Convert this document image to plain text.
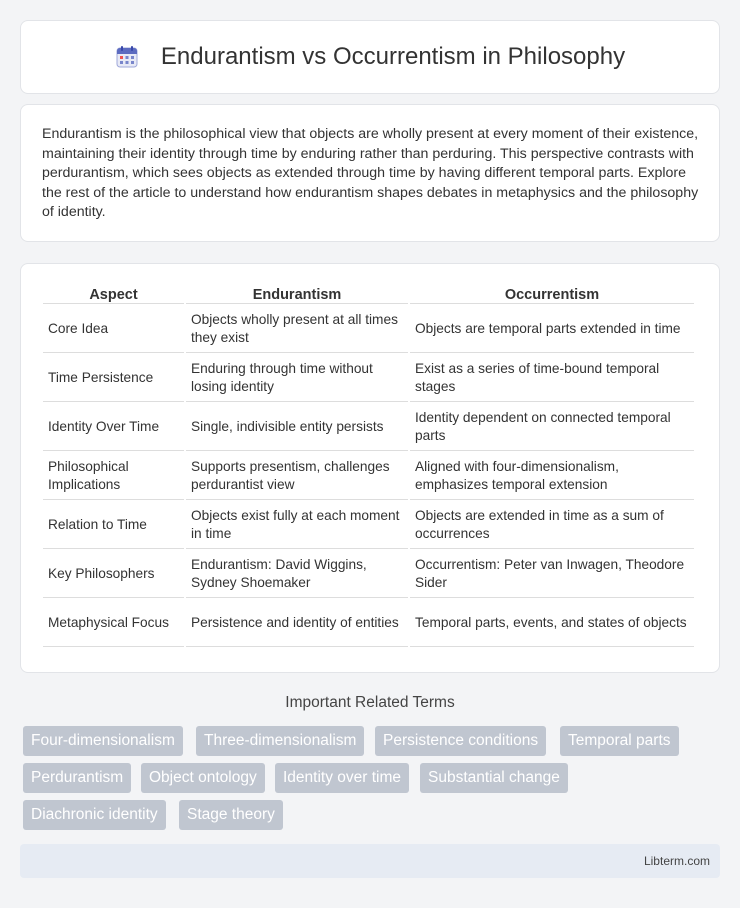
Endurantism vs Occurrentism in Philosophy

Endurantism is the philosophical view that objects are wholly present at every moment of their existence, maintaining their identity through time by enduring rather than perduring. This perspective contrasts with perdurantism, which sees objects as extended through time by having different temporal parts. Explore the rest of the article to understand how endurantism shapes debates in metaphysics and the philosophy of identity.

Aspect	Endurantism	Occurrentism
Core Idea	Objects wholly present at all times they exist	Objects are temporal parts extended in time
Time Persistence	Enduring through time without losing identity	Exist as a series of time-bound temporal stages
Identity Over Time	Single, indivisible entity persists	Identity dependent on connected temporal parts
Philosophical Implications	Supports presentism, challenges perdurantist view	Aligned with four-dimensionalism, emphasizes temporal extension
Relation to Time	Objects exist fully at each moment in time	Objects are extended in time as a sum of occurrences
Key Philosophers	Endurantism: David Wiggins, Sydney Shoemaker	Occurrentism: Peter van Inwagen, Theodore Sider
Metaphysical Focus	Persistence and identity of entities	Temporal parts, events, and states of objects
Important Related Terms
Four-dimensionalism	Three-dimensionalism	Persistence conditions	Temporal parts
Perdurantism	Object ontology	Identity over time	Substantial change
Diachronic identity	Stage theory
Libterm.com
